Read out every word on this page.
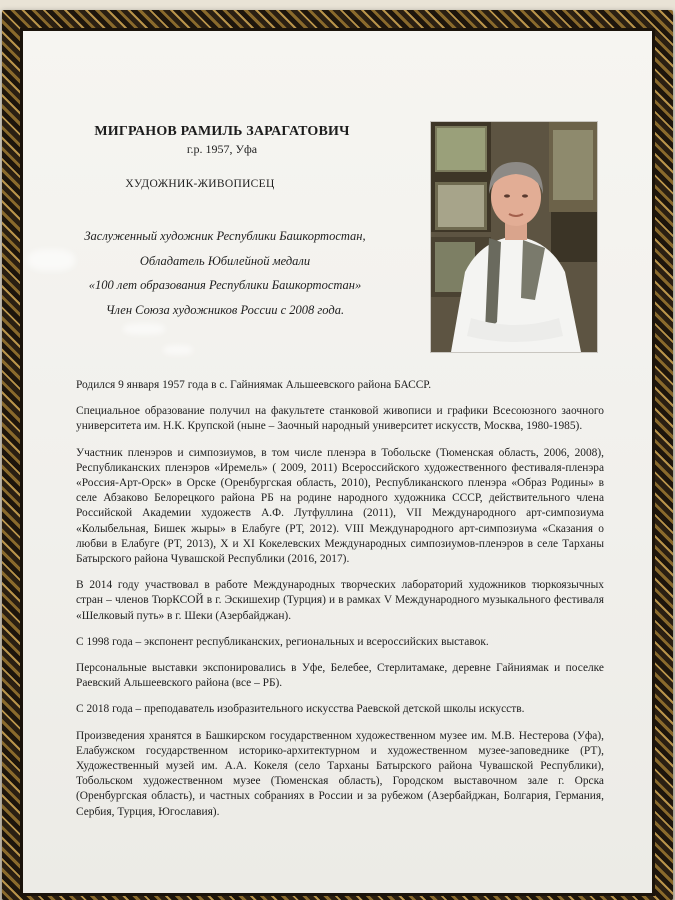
МИГРАНОВ РАМИЛЬ ЗАРАГАТОВИЧ
г.р. 1957, Уфа
ХУДОЖНИК-ЖИВОПИСЕЦ
Заслуженный художник Республики Башкортостан,
Обладатель Юбилейной медали
«100 лет образования Республики Башкортостан»
Член Союза художников России с 2008 года.

Родился 9 января 1957 года в с. Гайниямак Альшеевского района БАССР.

Специальное образование получил на факультете станковой живописи и графики Всесоюзного заочного университета им. Н.К. Крупской (ныне – Заочный народный университет искусств, Москва, 1980-1985).

Участник пленэров и симпозиумов, в том числе пленэра в Тобольске (Тюменская область, 2006, 2008), Республиканских пленэров «Иремель» ( 2009, 2011) Всероссийского художественного фестиваля-пленэра «Россия-Арт-Орск» в Орске (Оренбургская область, 2010), Республиканского пленэра «Образ Родины» в селе Абзаково Белорецкого района РБ на родине народного художника СССР, действительного члена Российской Академии художеств А.Ф. Лутфуллина (2011), VII Международного арт-симпозиума «Колыбельная, Бишек жыры» в Елабуге (РТ, 2012). VIII Международного арт-симпозиума «Сказания о любви в Елабуге (РТ, 2013), X и XI Кокелевских Международных симпозиумов-пленэров в селе Тарханы Батырского района Чувашской Республики (2016, 2017).

В 2014 году участвовал в работе Международных творческих лабораторий художников тюркоязычных стран – членов ТюрКСОЙ в г. Эскишехир (Турция) и в рамках V Международного музыкального фестиваля «Шелковый путь» в г. Шеки (Азербайджан).

С 1998 года – экспонент республиканских, региональных и всероссийских выставок.

Персональные выставки экспонировались в Уфе, Белебее, Стерлитамаке, деревне Гайниямак и поселке Раевский Альшеевского района (все – РБ).

С 2018 года – преподаватель изобразительного искусства Раевской детской школы искусств.

Произведения хранятся в Башкирском государственном художественном музее им. М.В. Нестерова (Уфа), Елабужском государственном историко-архитектурном и художественном музее-заповеднике (РТ), Художественный музей им. А.А. Кокеля (село Тарханы Батырского района Чувашской Республики), Тобольском художественном музее (Тюменская область), Городском выставочном зале г. Орска (Оренбургская область), и частных собраниях в России и за рубежом (Азербайджан, Болгария, Германия, Сербия, Турция, Югославия).
